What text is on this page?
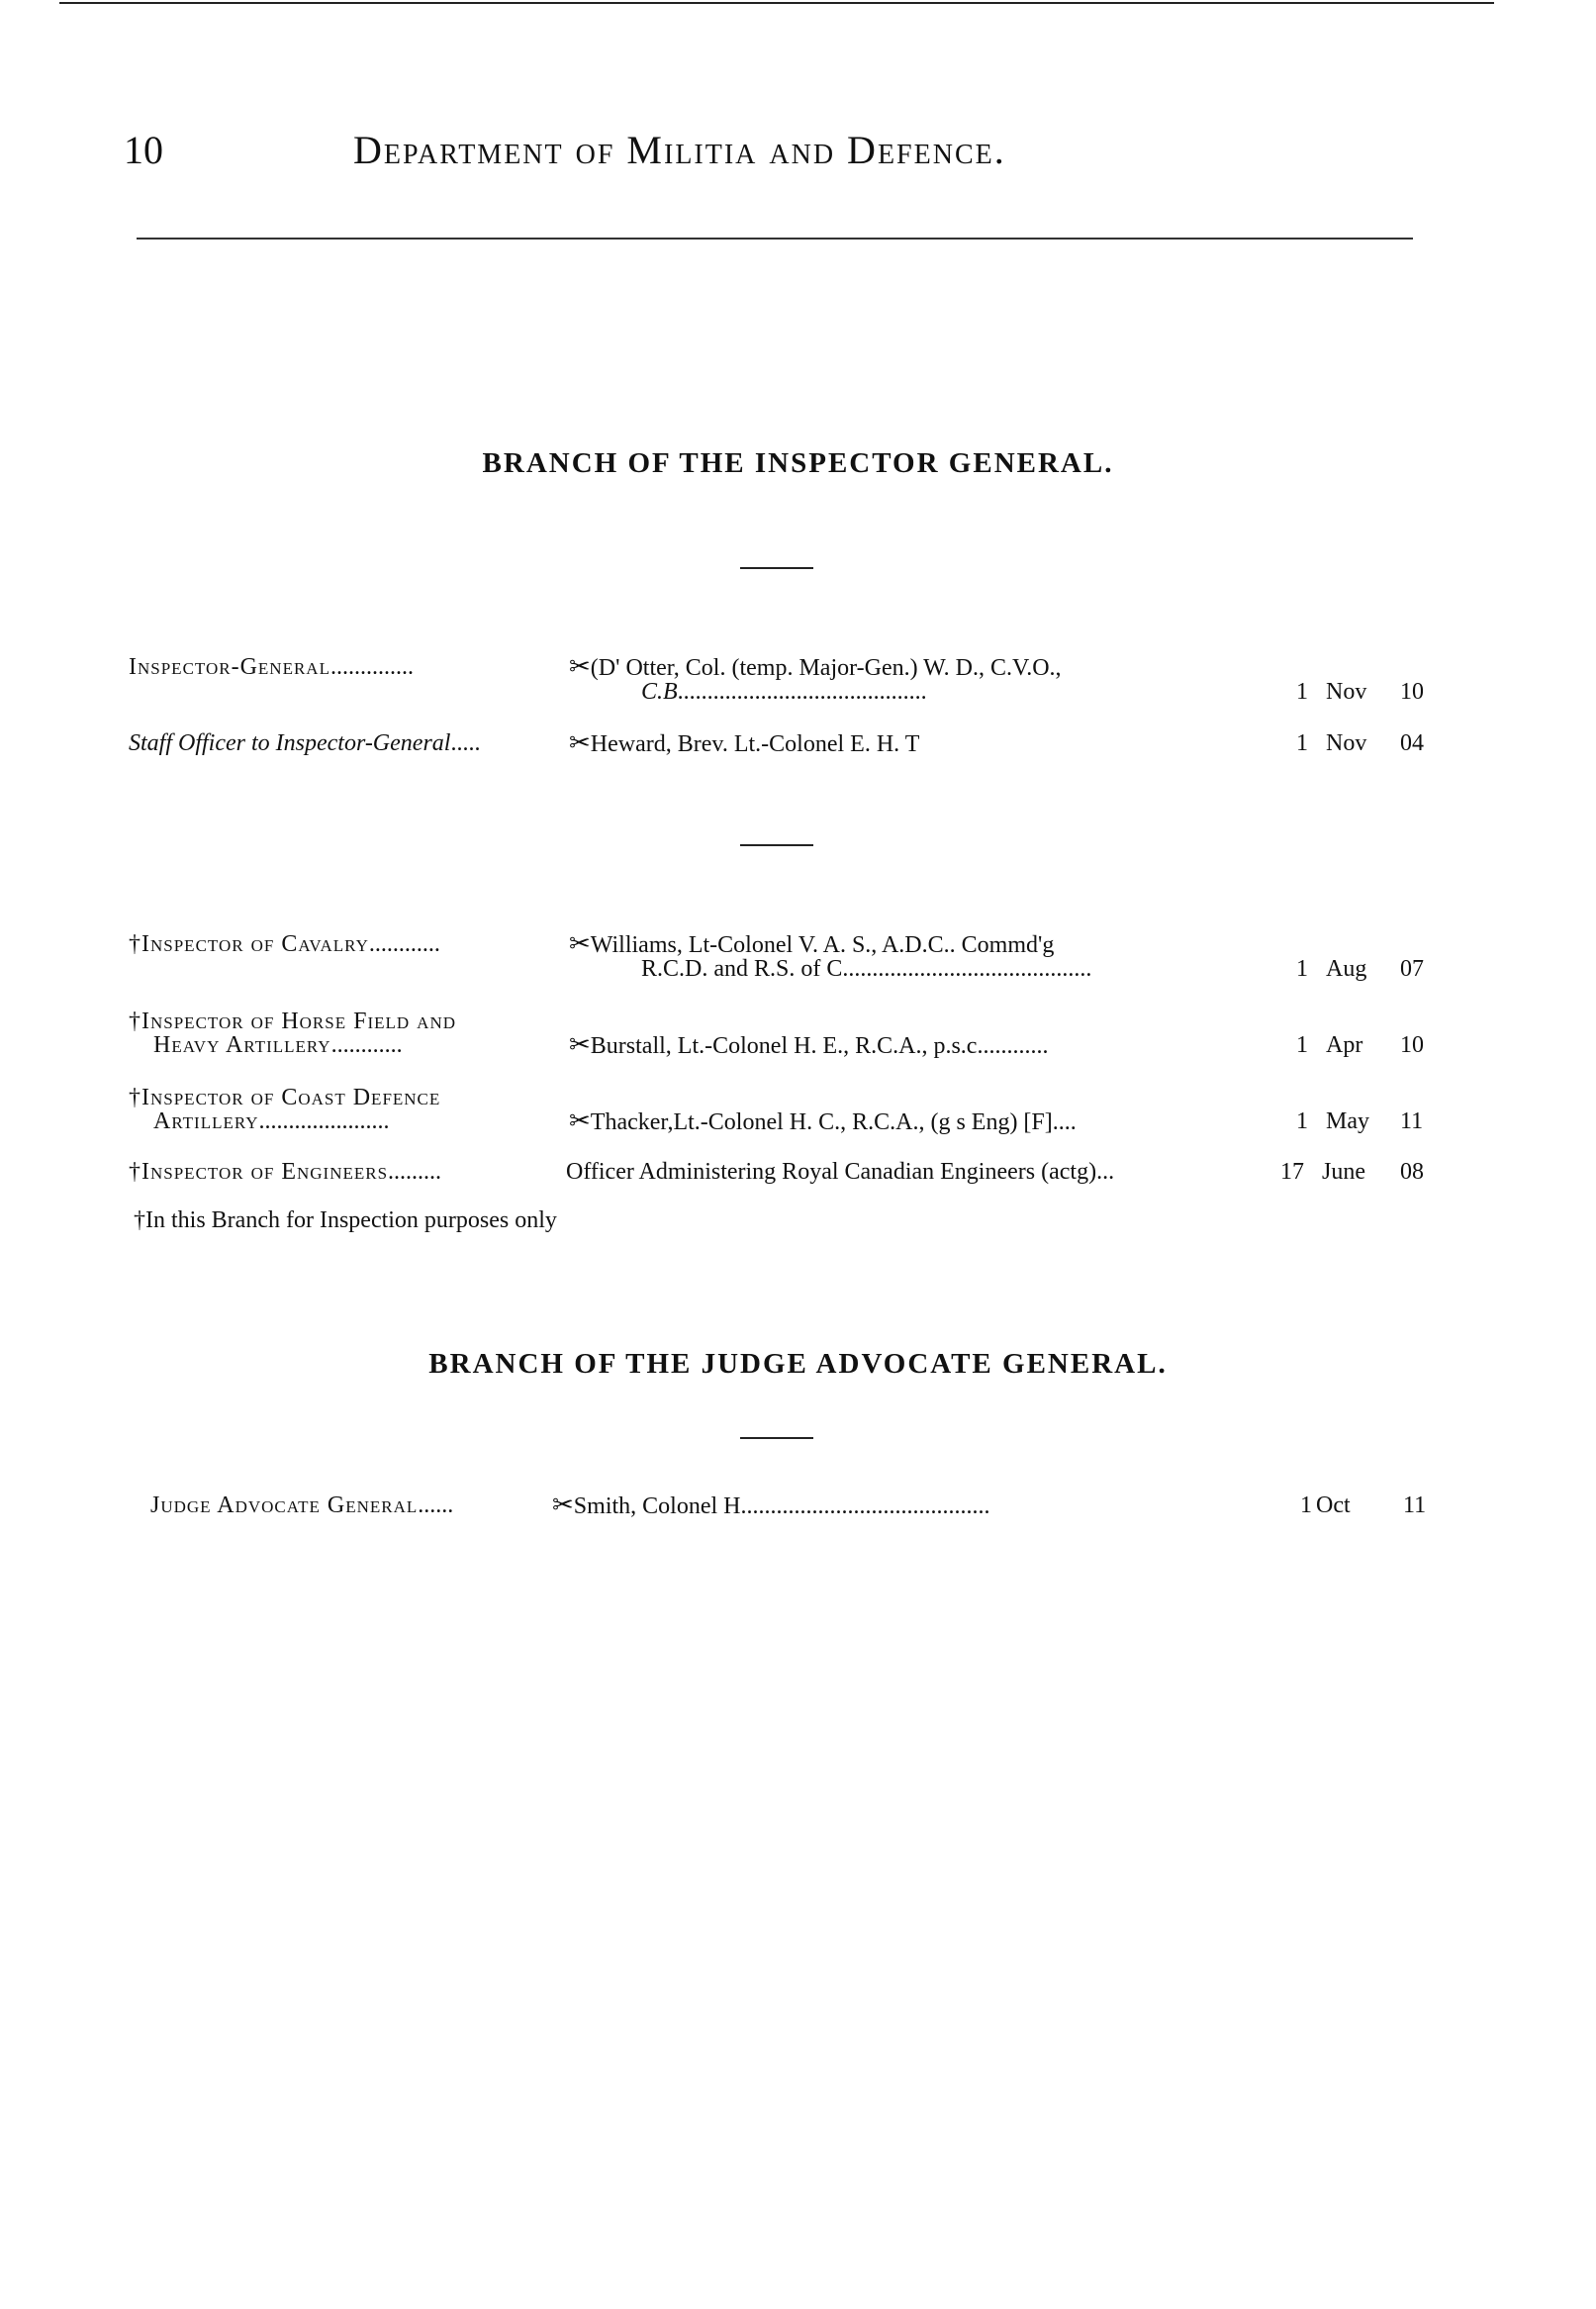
10	Department of Militia and Defence.
BRANCH OF THE INSPECTOR GENERAL.
Inspector-General..............	✂(D' Otter, Col. (temp. Major-Gen.) W. D., C.V.O.,
C.B..........................................	1 Nov	10
Staff Officer to Inspector-General.....	✂Heward, Brev. Lt.-Colonel E. H. T	1 Nov	04
†Inspector of Cavalry............	✂Williams, Lt-Colonel V. A. S., A.D.C.. Commd'g
R.C.D. and R.S. of C..........................................	1 Aug	07
†Inspector of Horse Field and
Heavy Artillery............	✂Burstall, Lt.-Colonel H. E., R.C.A., p.s.c............	1 Apr	10
†Inspector of Coast Defence
Artillery......................	✂Thacker,Lt.-Colonel H. C., R.C.A., (g s Eng) [F]....	1 May	11
†Inspector of Engineers.........	Officer Administering Royal Canadian Engineers (actg)...	17 June	08
†In this Branch for Inspection purposes only
BRANCH OF THE JUDGE ADVOCATE GENERAL.
Judge Advocate General......	✂Smith, Colonel H..........................................	1 Oct	11
